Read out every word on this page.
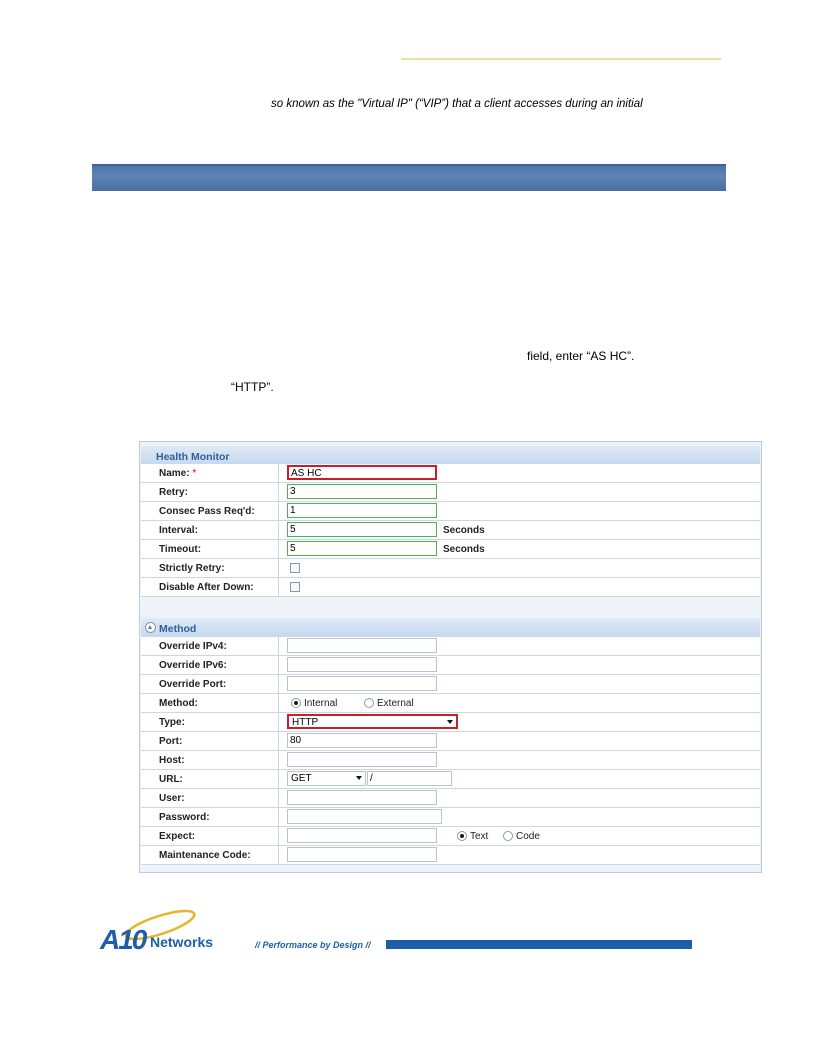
so known as the "Virtual IP" (“VIP”) that a client accesses during an initial
field, enter “AS HC”.
“HTTP”.
Health Monitor
Name: *	AS HC
Retry:	3
Consec Pass Req'd:	1
Interval:	5	Seconds
Timeout:	5	Seconds
Strictly Retry:
Disable After Down:
Method
Override IPv4:
Override IPv6:
Override Port:
Method:	Internal	External
Type:	HTTP
Port:	80
Host:
URL:	GET	/
User:
Password:
Expect:	Text	Code
Maintenance Code:
A10 Networks	// Performance by Design //
